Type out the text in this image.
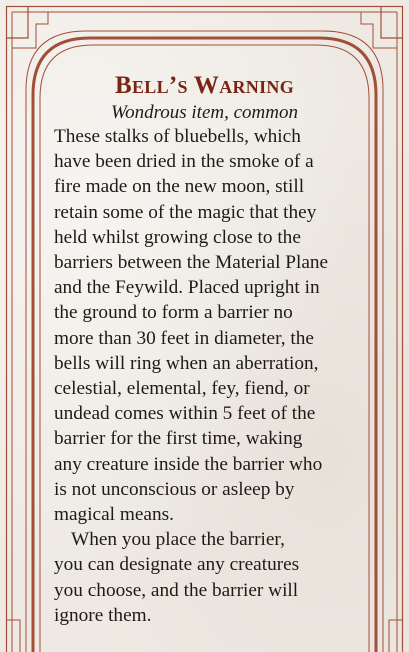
Bell’s Warning
Wondrous item, common
These stalks of bluebells, which
have been dried in the smoke of a
fire made on the new moon, still
retain some of the magic that they
held whilst growing close to the
barriers between the Material Plane
and the Feywild. Placed upright in
the ground to form a barrier no
more than 30 feet in diameter, the
bells will ring when an aberration,
celestial, elemental, fey, fiend, or
undead comes within 5 feet of the
barrier for the first time, waking
any creature inside the barrier who
is not unconscious or asleep by
magical means.
When you place the barrier,
you can designate any creatures
you choose, and the barrier will
ignore them.
